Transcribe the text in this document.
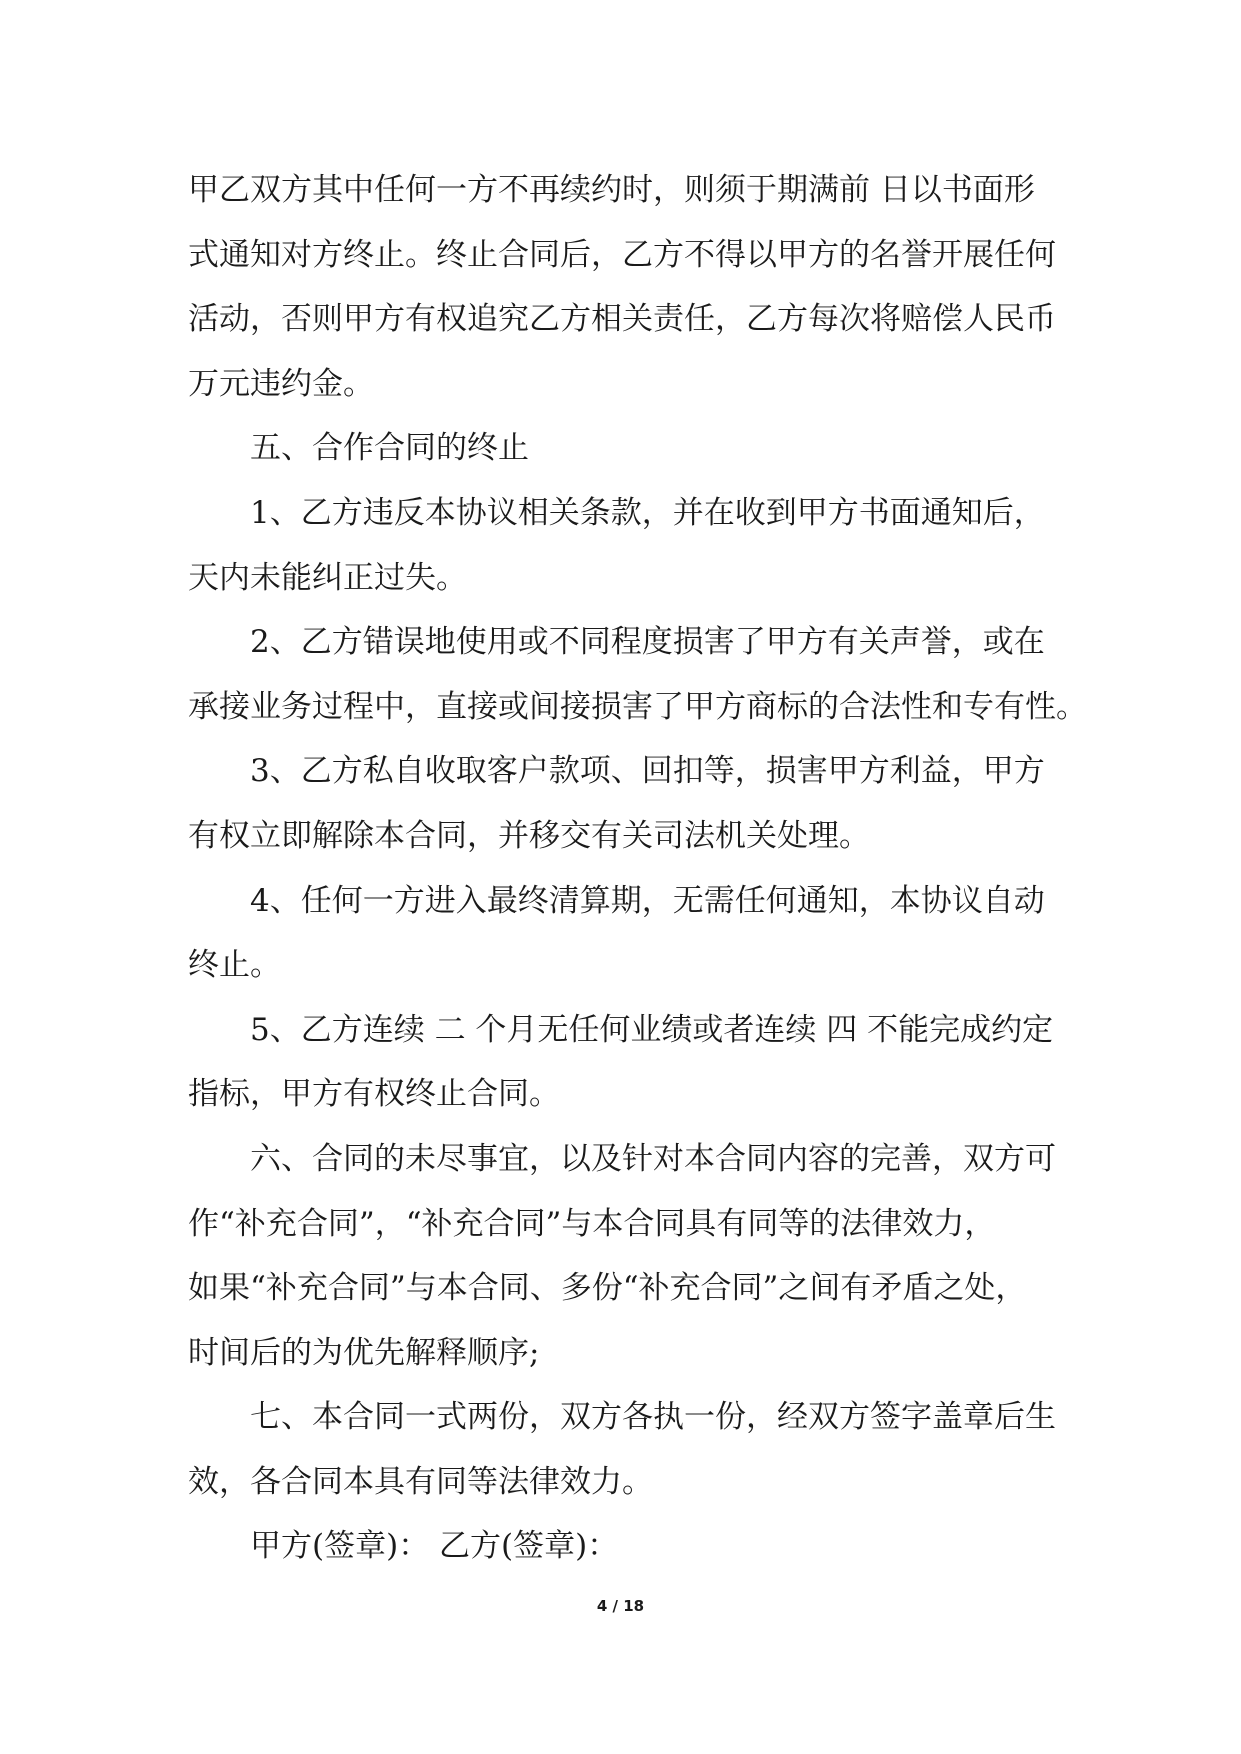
甲乙双方其中任何一方不再续约时，则须于期满前 日以书面形
式通知对方终止。终止合同后，乙方不得以甲方的名誉开展任何
活动，否则甲方有权追究乙方相关责任，乙方每次将赔偿人民币
万元违约金。
五、合作合同的终止
1、乙方违反本协议相关条款，并在收到甲方书面通知后，
天内未能纠正过失。
2、乙方错误地使用或不同程度损害了甲方有关声誉，或在
承接业务过程中，直接或间接损害了甲方商标的合法性和专有性。
3、乙方私自收取客户款项、回扣等，损害甲方利益，甲方
有权立即解除本合同，并移交有关司法机关处理。
4、任何一方进入最终清算期，无需任何通知，本协议自动
终止。
5、乙方连续 二 个月无任何业绩或者连续 四 不能完成约定
指标，甲方有权终止合同。
六、合同的未尽事宜，以及针对本合同内容的完善，双方可
作“补充合同”，“补充合同”与本合同具有同等的法律效力，
如果“补充合同”与本合同、多份“补充合同”之间有矛盾之处，
时间后的为优先解释顺序;
七、本合同一式两份，双方各执一份，经双方签字盖章后生
效，各合同本具有同等法律效力。
甲方(签章)： 乙方(签章)：
4 / 18
